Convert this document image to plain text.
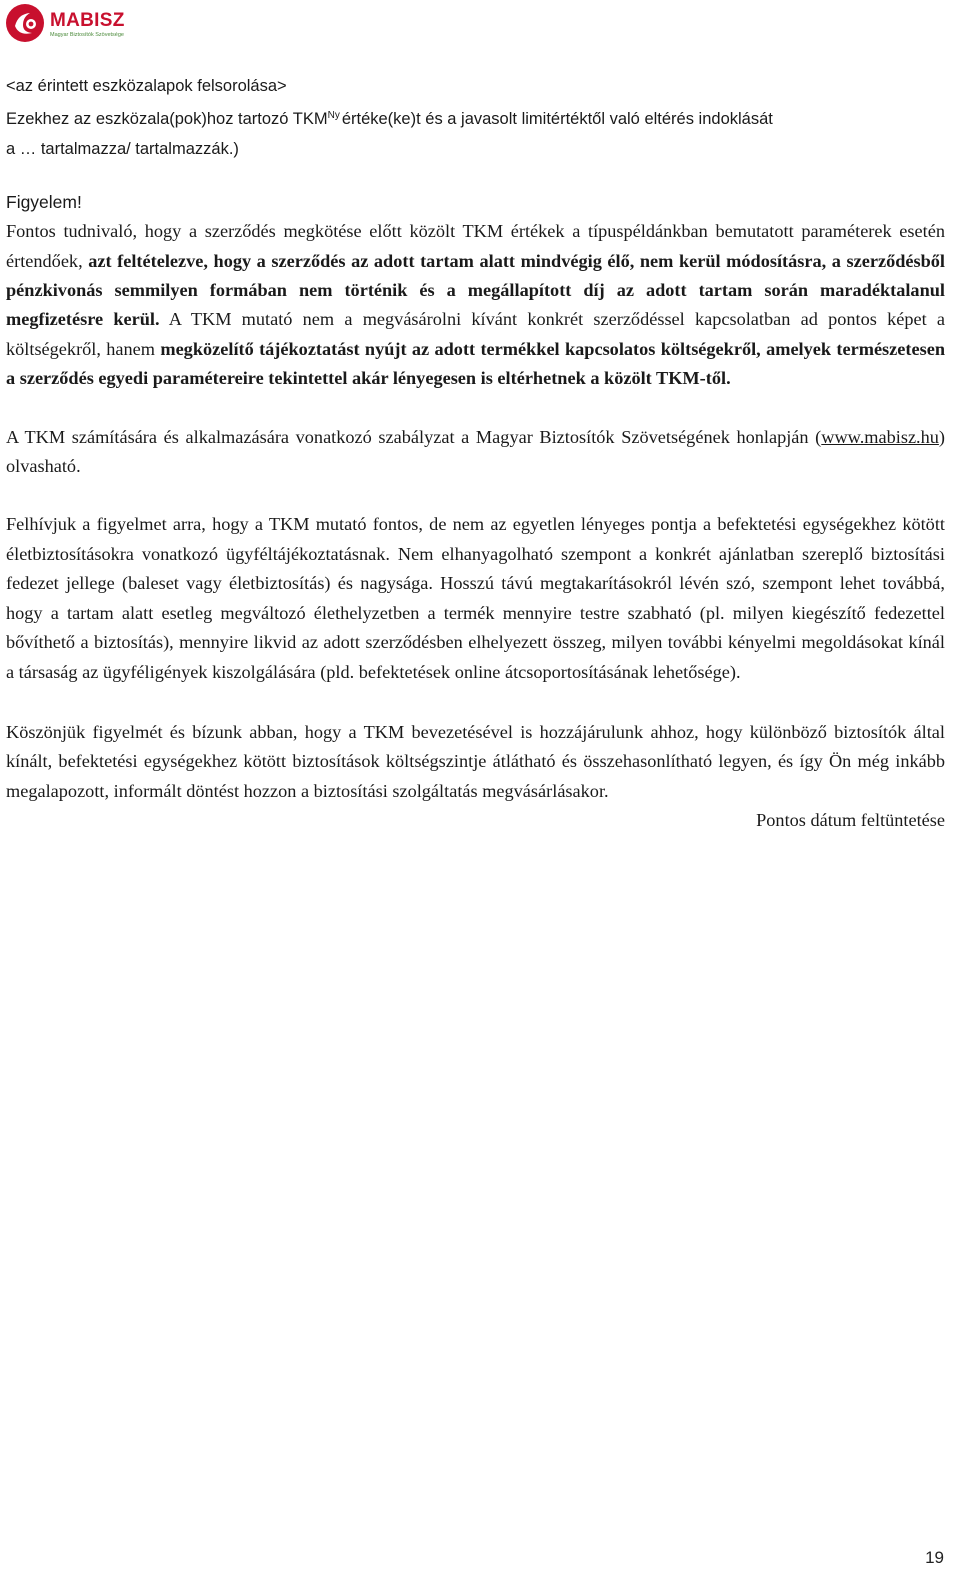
MABISZ
Magyar Biztosítók Szövetsége

<az érintett eszközalapok felsorolása>

Ezekhez az eszközala(pok)hoz tartozó $TKM^{Ny}$ értéke(ke)t és a javasolt limitértéktől való eltérés indoklását

a … tartalmazza/ tartalmazzák.)

Figyelem!

Fontos tudnivaló, hogy a szerződés megkötése előtt közölt TKM értékek a típuspéldánkban bemutatott paraméterek esetén értendőek, azt feltételezve, hogy a szerződés az adott tartam alatt mindvégig élő, nem kerül módosításra, a szerződésből pénzkivonás semmilyen formában nem történik és a megállapított díj az adott tartam során maradéktalanul megfizetésre kerül. A TKM mutató nem a megvásárolni kívánt konkrét szerződéssel kapcsolatban ad pontos képet a költségekről, hanem megközelítő tájékoztatást nyújt az adott termékkel kapcsolatos költségekről, amelyek természetesen a szerződés egyedi paramétereire tekintettel akár lényegesen is eltérhetnek a közölt TKM-től.

A TKM számítására és alkalmazására vonatkozó szabályzat a Magyar Biztosítók Szövetségének honlapján (www.mabisz.hu) olvasható.

Felhívjuk a figyelmet arra, hogy a TKM mutató fontos, de nem az egyetlen lényeges pontja a befektetési egységekhez kötött életbiztosításokra vonatkozó ügyféltájékoztatásnak. Nem elhanyagolható szempont a konkrét ajánlatban szereplő biztosítási fedezet jellege (baleset vagy életbiztosítás) és nagysága. Hosszú távú megtakarításokról lévén szó, szempont lehet továbbá, hogy a tartam alatt esetleg megváltozó élethelyzetben a termék mennyire testre szabható (pl. milyen kiegészítő fedezettel bővíthető a biztosítás), mennyire likvid az adott szerződésben elhelyezett összeg, milyen további kényelmi megoldásokat kínál a társaság az ügyféligények kiszolgálására (pld. befektetések online átcsoportosításának lehetősége).

Köszönjük figyelmét és bízunk abban, hogy a TKM bevezetésével is hozzájárulunk ahhoz, hogy különböző biztosítók által kínált, befektetési egységekhez kötött biztosítások költségszintje átlátható és összehasonlítható legyen, és így Ön még inkább megalapozott, informált döntést hozzon a biztosítási szolgáltatás megvásárlásakor.

Pontos dátum feltüntetése

19
